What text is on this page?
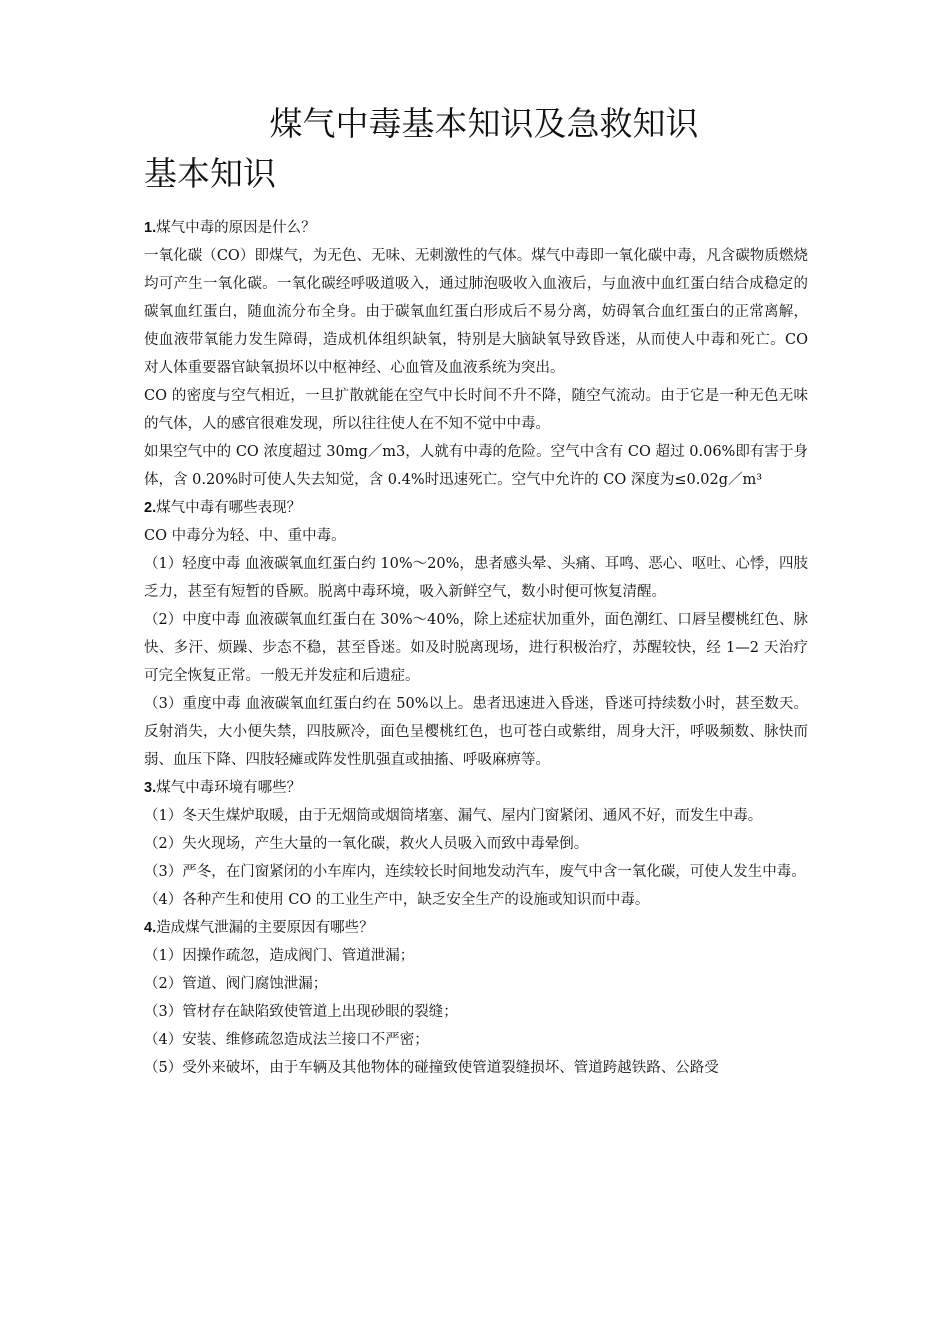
煤气中毒基本知识及急救知识
基本知识

1.煤气中毒的原因是什么？

一氧化碳（CO）即煤气，为无色、无味、无刺激性的气体。煤气中毒即一氧化碳中毒，凡含碳物质燃烧均可产生一氧化碳。一氧化碳经呼吸道吸入，通过肺泡吸收入血液后，与血液中血红蛋白结合成稳定的碳氧血红蛋白，随血流分布全身。由于碳氧血红蛋白形成后不易分离，妨碍氧合血红蛋白的正常离解，使血液带氧能力发生障碍，造成机体组织缺氧，特别是大脑缺氧导致昏迷，从而使人中毒和死亡。CO 对人体重要器官缺氧损坏以中枢神经、心血管及血液系统为突出。

CO 的密度与空气相近，一旦扩散就能在空气中长时间不升不降，随空气流动。由于它是一种无色无味的气体，人的感官很难发现，所以往往使人在不知不觉中中毒。

如果空气中的 CO 浓度超过 30mg／m3，人就有中毒的危险。空气中含有 CO 超过 0.06%即有害于身体，含 0.20%时可使人失去知觉，含 0.4%时迅速死亡。空气中允许的 CO 深度为≤0.02g／m³

2.煤气中毒有哪些表现？

CO 中毒分为轻、中、重中毒。

（1）轻度中毒 血液碳氧血红蛋白约 10%～20%，患者感头晕、头痛、耳鸣、恶心、呕吐、心悸，四肢乏力，甚至有短暂的昏厥。脱离中毒环境，吸入新鲜空气，数小时便可恢复清醒。

（2）中度中毒 血液碳氧血红蛋白在 30%～40%，除上述症状加重外，面色潮红、口唇呈樱桃红色、脉快、多汗、烦躁、步态不稳，甚至昏迷。如及时脱离现场，进行积极治疗，苏醒较快，经 1—2 天治疗可完全恢复正常。一般无并发症和后遗症。

（3）重度中毒 血液碳氧血红蛋白约在 50%以上。患者迅速进入昏迷，昏迷可持续数小时，甚至数天。反射消失，大小便失禁，四肢厥冷，面色呈樱桃红色，也可苍白或紫绀，周身大汗，呼吸频数、脉快而弱、血压下降、四肢轻瘫或阵发性肌强直或抽搐、呼吸麻痹等。

3.煤气中毒环境有哪些？

（1）冬天生煤炉取暖，由于无烟筒或烟筒堵塞、漏气、屋内门窗紧闭、通风不好，而发生中毒。

（2）失火现场，产生大量的一氧化碳，救火人员吸入而致中毒晕倒。

（3）严冬，在门窗紧闭的小车库内，连续较长时间地发动汽车，废气中含一氧化碳，可使人发生中毒。

（4）各种产生和使用 CO 的工业生产中，缺乏安全生产的设施或知识而中毒。

4.造成煤气泄漏的主要原因有哪些？

（1）因操作疏忽，造成阀门、管道泄漏；

（2）管道、阀门腐蚀泄漏；

（3）管材存在缺陷致使管道上出现砂眼的裂缝；

（4）安装、维修疏忽造成法兰接口不严密；

（5）受外来破坏，由于车辆及其他物体的碰撞致使管道裂缝损坏、管道跨越铁路、公路受
